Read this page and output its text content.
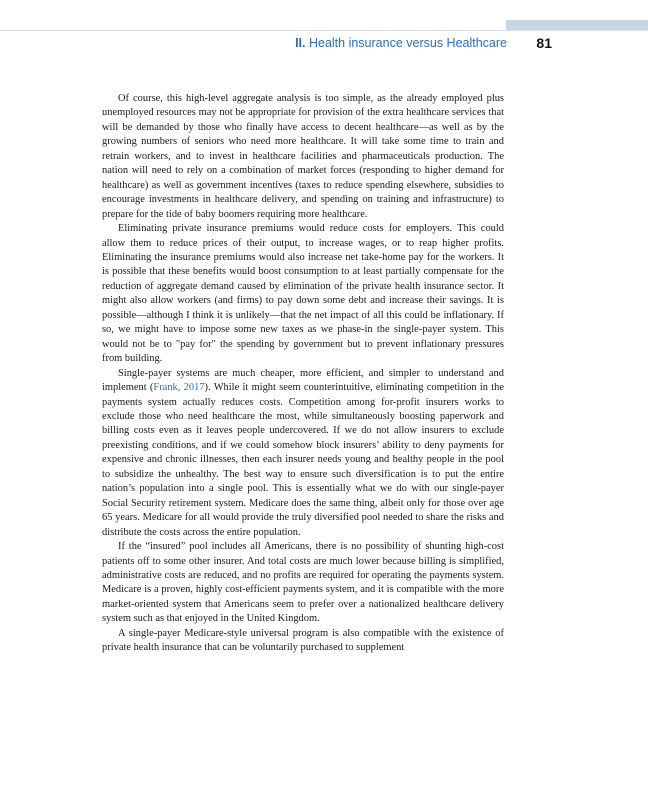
II. Health insurance versus Healthcare 81

Of course, this high-level aggregate analysis is too simple, as the already employed plus unemployed resources may not be appropriate for provision of the extra healthcare services that will be demanded by those who finally have access to decent healthcare—as well as by the growing numbers of seniors who need more healthcare. It will take some time to train and retrain workers, and to invest in healthcare facilities and pharmaceuticals production. The nation will need to rely on a combination of market forces (responding to higher demand for healthcare) as well as government incentives (taxes to reduce spending elsewhere, subsidies to encourage investments in healthcare delivery, and spending on training and infrastructure) to prepare for the tide of baby boomers requiring more healthcare.

Eliminating private insurance premiums would reduce costs for employers. This could allow them to reduce prices of their output, to increase wages, or to reap higher profits. Eliminating the insurance premiums would also increase net take-home pay for the workers. It is possible that these benefits would boost consumption to at least partially compensate for the reduction of aggregate demand caused by elimination of the private health insurance sector. It might also allow workers (and firms) to pay down some debt and increase their savings. It is possible—although I think it is unlikely—that the net impact of all this could be inflationary. If so, we might have to impose some new taxes as we phase-in the single-payer system. This would not be to "pay for" the spending by government but to prevent inflationary pressures from building.

Single-payer systems are much cheaper, more efficient, and simpler to understand and implement (Frank, 2017). While it might seem counterintuitive, eliminating competition in the payments system actually reduces costs. Competition among for-profit insurers works to exclude those who need healthcare the most, while simultaneously boosting paperwork and billing costs even as it leaves people undercovered. If we do not allow insurers to exclude preexisting conditions, and if we could somehow block insurers’ ability to deny payments for expensive and chronic illnesses, then each insurer needs young and healthy people in the pool to subsidize the unhealthy. The best way to ensure such diversification is to put the entire nation’s population into a single pool. This is essentially what we do with our single-payer Social Security retirement system. Medicare does the same thing, albeit only for those over age 65 years. Medicare for all would provide the truly diversified pool needed to share the risks and distribute the costs across the entire population.

If the “insured” pool includes all Americans, there is no possibility of shunting high-cost patients off to some other insurer. And total costs are much lower because billing is simplified, administrative costs are reduced, and no profits are required for operating the payments system. Medicare is a proven, highly cost-efficient payments system, and it is compatible with the more market-oriented system that Americans seem to prefer over a nationalized healthcare delivery system such as that enjoyed in the United Kingdom.

A single-payer Medicare-style universal program is also compatible with the existence of private health insurance that can be voluntarily purchased to supplement
